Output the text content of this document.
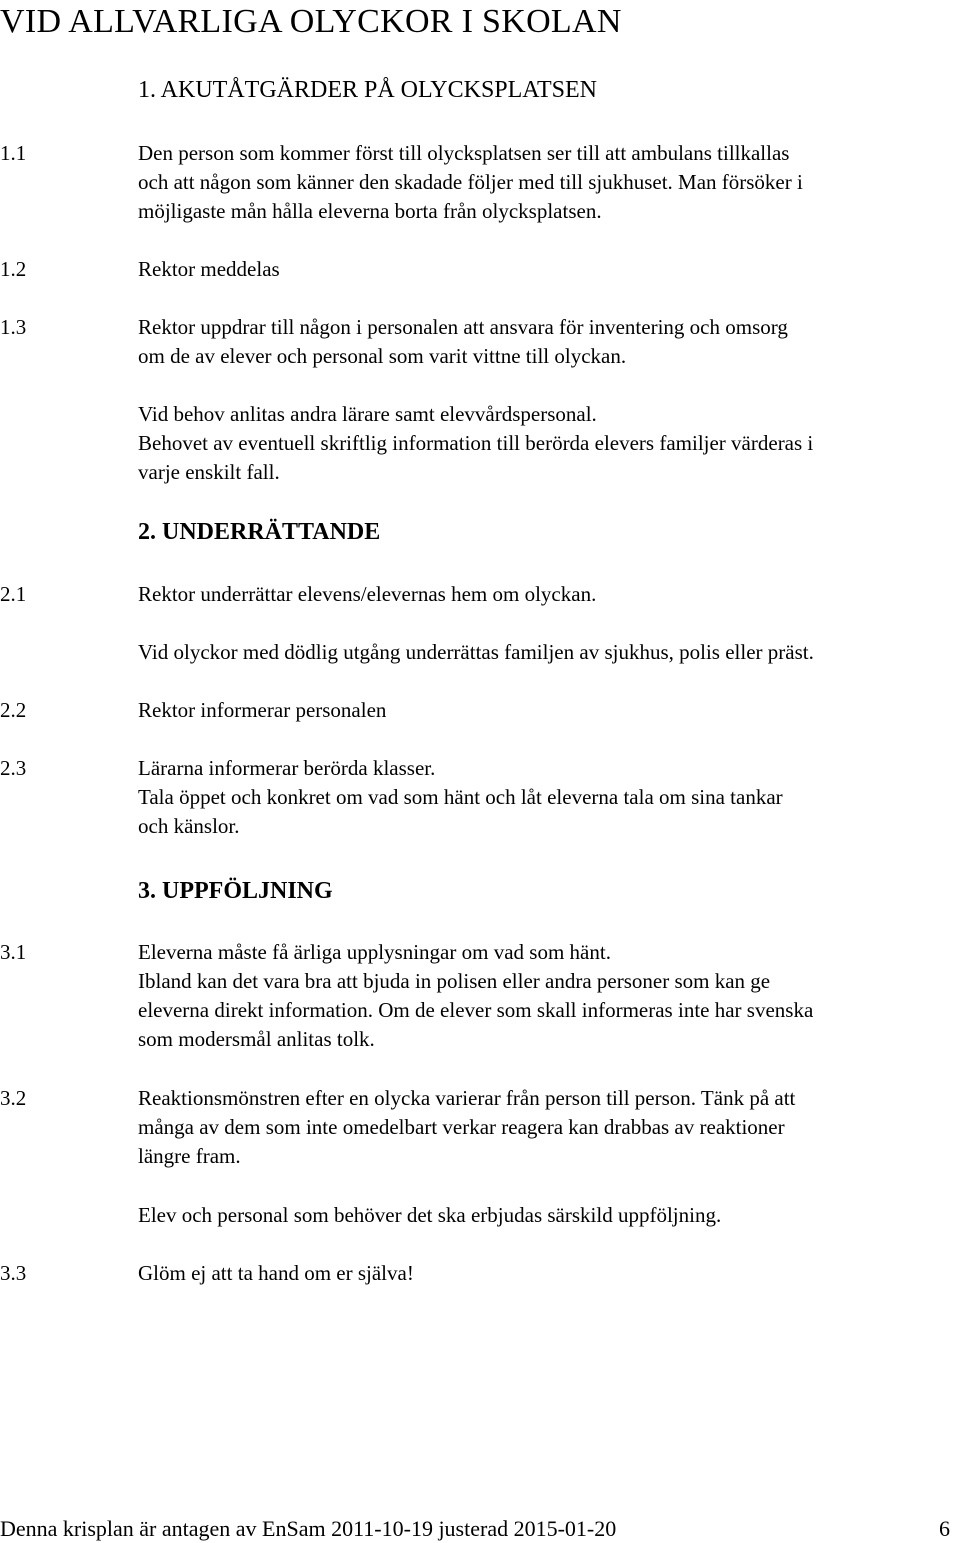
VID ALLVARLIGA OLYCKOR I SKOLAN
1. AKUTÅTGÄRDER PÅ OLYCKSPLATSEN
1.1	Den person som kommer först till olycksplatsen ser till att ambulans tillkallas
och att någon som känner den skadade följer med till sjukhuset. Man försöker i
möjligaste mån hålla eleverna borta från olycksplatsen.
1.2	Rektor meddelas
1.3	Rektor uppdrar till någon i personalen att ansvara för inventering och omsorg
om de av elever och personal som varit vittne till olyckan.
Vid behov anlitas andra lärare samt elevvårdspersonal.
Behovet av eventuell skriftlig information till berörda elevers familjer värderas i
varje enskilt fall.
2. UNDERRÄTTANDE
2.1	Rektor underrättar elevens/elevernas hem om olyckan.
Vid olyckor med dödlig utgång underrättas familjen av sjukhus, polis eller präst.
2.2	Rektor informerar personalen
2.3	Lärarna informerar berörda klasser.
Tala öppet och konkret om vad som hänt och låt eleverna tala om sina tankar
och känslor.
3. UPPFÖLJNING
3.1	Eleverna måste få ärliga upplysningar om vad som hänt.
Ibland kan det vara bra att bjuda in polisen eller andra personer som kan ge
eleverna direkt information. Om de elever som skall informeras inte har svenska
som modersmål anlitas tolk.
3.2	Reaktionsmönstren efter en olycka varierar från person till person. Tänk på att
många av dem som inte omedelbart verkar reagera kan drabbas av reaktioner
längre fram.
Elev och personal som behöver det ska erbjudas särskild uppföljning.
3.3	Glöm ej att ta hand om er själva!
Denna krisplan är antagen av EnSam 2011-10-19 justerad 2015-01-20	6
